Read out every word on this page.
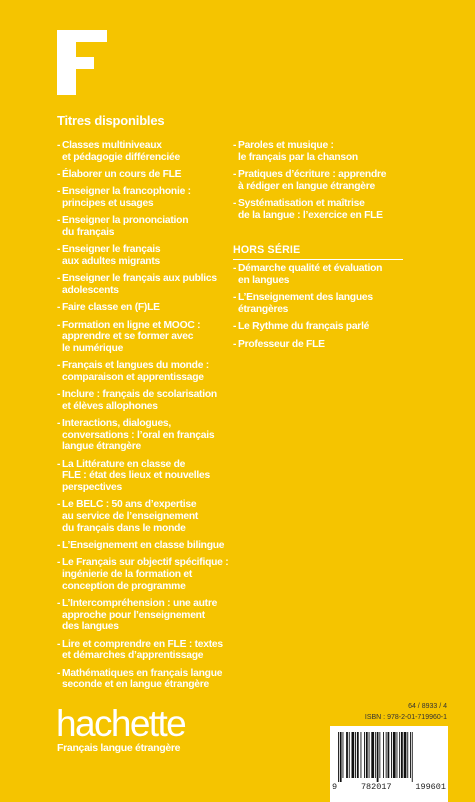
Titres disponibles
- Classes multiniveaux
et pédagogie différenciée
- Élaborer un cours de FLE
- Enseigner la francophonie :
principes et usages
- Enseigner la prononciation
du français
- Enseigner le français
aux adultes migrants
- Enseigner le français aux publics
adolescents
- Faire classe en (F)LE
- Formation en ligne et MOOC :
apprendre et se former avec
le numérique
- Français et langues du monde :
comparaison et apprentissage
- Inclure : français de scolarisation
et élèves allophones
- Interactions, dialogues,
conversations : l’oral en français
langue étrangère
- La Littérature en classe de
FLE : état des lieux et nouvelles
perspectives
- Le BELC : 50 ans d’expertise
au service de l’enseignement
du français dans le monde
- L’Enseignement en classe bilingue
- Le Français sur objectif spécifique :
ingénierie de la formation et
conception de programme
- L’Intercompréhension : une autre
approche pour l’enseignement
des langues
- Lire et comprendre en FLE : textes
et démarches d’apprentissage
- Mathématiques en français langue
seconde et en langue étrangère
- Paroles et musique :
le français par la chanson
- Pratiques d’écriture : apprendre
à rédiger en langue étrangère
- Systématisation et maîtrise
de la langue : l’exercice en FLE
HORS SÉRIE
- Démarche qualité et évaluation
en langues
- L’Enseignement des langues
étrangères
- Le Rythme du français parlé
- Professeur de FLE
64 / 8933 / 4
ISBN : 978-2-01-719960-1
9	782017	199601
hachette
Français langue étrangère
